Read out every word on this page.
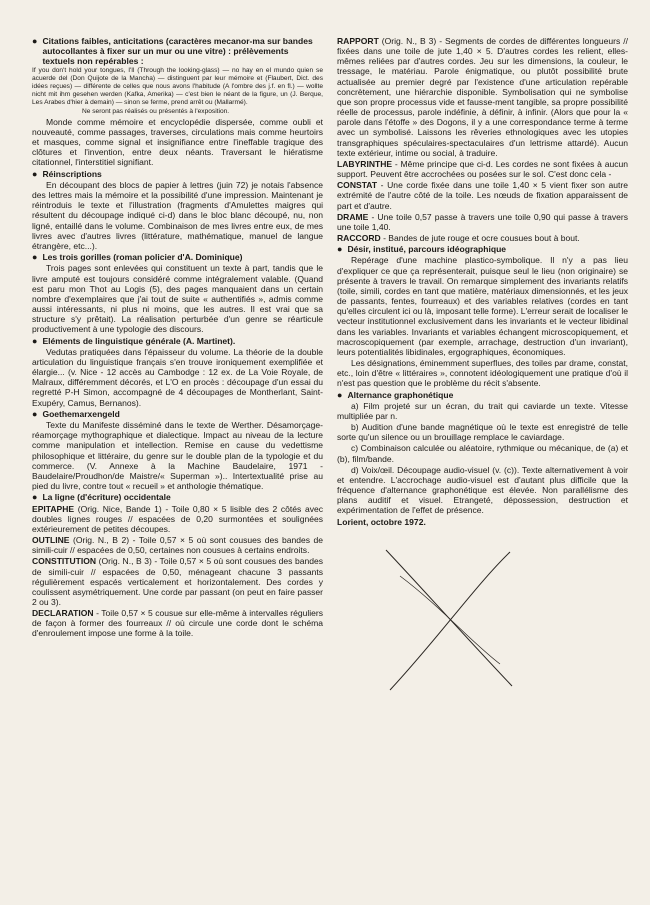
● Citations faibles, anticitations (caractères mecanor-ma sur bandes autocollantes à fixer sur un mur ou une vitre) : prélèvements textuels non repérables :

If you don't hold your tongues, I'll (Through the looking-glass) — no hay en el mundo quien se acuerde del (Don Quijote de la Mancha) — distinguent par leur mémoire et (Flaubert, Dict. des idées reçues) — différente de celles que nous avons l'habitude (A l'ombre des j.f. en fl.) — wollte nicht mit ihm gesehen werden (Kafka, Amerika) — c'est bien le néant de la figure, un (J. Berque, Les Arabes d'hier à demain) — sinon se ferme, prend arrêt ou (Mallarmé).

Ne seront pas réalisés ou présentés à l'exposition.

Monde comme mémoire et encyclopédie dispersée, comme oubli et nouveauté, comme passages, traverses, circulations mais comme heurtoirs et masques, comme signal et insignifiance entre l'ineffable tragique des clôtures et l'invention, entre deux néants. Traversant le hiératisme citationnel, l'interstitiel signifiant.

● Réinscriptions

En découpant des blocs de papier à lettres (juin 72) je notais l'absence des lettres mais la mémoire et la possibilité d'une impression. Maintenant je réintroduis le texte et l'illustration (fragments d'Amulettes maigres qui résultent du découpage indiqué ci-d) dans le bloc blanc découpé, nu, non ligné, entaillé dans le volume. Combinaison de mes livres entre eux, de mes livres avec d'autres livres (littérature, mathématique, manuel de langue étrangère, etc...).

● Les trois gorilles (roman policier d'A. Dominique)

Trois pages sont enlevées qui constituent un texte à part, tandis que le livre amputé est toujours considéré comme intégralement valable. (Quand est paru mon Thot au Logis (5), des pages manquaient dans un certain nombre d'exemplaires que j'ai tout de suite « authentifiés », admis comme aussi intéressants, ni plus ni moins, que les autres. Il est vrai que sa structure s'y prêtait). La réalisation perturbée d'un genre se réarticule productivement à une typologie des discours.

● Eléments de linguistique générale (A. Martinet).

Vedutas pratiquées dans l'épaisseur du volume. La théorie de la double articulation du linguistique français s'en trouve ironiquement exemplifiée et élargie... (v. Nice - 12 accès au Cambodge : 12 ex. de La Voie Royale, de Malraux, différemment décorés, et L'O en procès : découpage d'un essai du regretté P-H Simon, accompagné de 4 découpages de Montherlant, Saint-Exupéry, Camus, Bernanos).

● Goethemarxengeld

Texte du Manifeste disséminé dans le texte de Werther. Désamorçage-réamorçage mythographique et dialectique. Impact au niveau de la lecture comme manipulation et intellection. Remise en cause du vedettisme philosophique et littéraire, du genre sur le double plan de la typologie et du commerce. (V. Annexe à la Machine Baudelaire, 1971 - Baudelaire/Proudhon/de Maistre/« Superman »).. Intertextualité prise au pied du livre, contre tout « recueil » et anthologie thématique.

● La ligne (d'écriture) occidentale

EPITAPHE (Orig. Nice, Bande 1) - Toile 0,80 × 5 lisible des 2 côtés avec doubles lignes rouges // espacées de 0,20 surmontées et soulignées extérieurement de petites découpes.

OUTLINE (Orig. N., B 2) - Toile 0,57 × 5 où sont cousues des bandes de simili-cuir // espacées de 0,50, certaines non cousues à certains endroits.

CONSTITUTION (Orig. N., B 3) - Toile 0,57 × 5 où sont cousues des bandes de simili-cuir // espacées de 0,50, ménageant chacune 3 passants régulièrement espacés verticalement et horizontalement. Des cordes y coulissent asymétriquement. Une corde par passant (on peut en faire passer 2 ou 3).

DECLARATION - Toile 0,57 × 5 cousue sur elle-même à intervalles réguliers de façon à former des fourreaux // où circule une corde dont le schéma d'enroulement impose une forme à la toile.

RAPPORT (Orig. N., B 3) - Segments de cordes de différentes longueurs // fixées dans une toile de jute 1,40 × 5. D'autres cordes les relient, elles-mêmes reliées par d'autres cordes. Jeu sur les dimensions, la couleur, le tressage, le matériau. Parole énigmatique, ou plutôt possibilité brute actualisée au premier degré par l'existence d'une articulation repérable concrètement, une hiérarchie disponible. Symbolisation qui ne symbolise que son propre processus vide et fausse-ment tangible, sa propre possibilité réelle de processus, parole indéfinie, à définir, à infinir. (Alors que pour la « parole dans l'étoffe » des Dogons, il y a une correspondance terme à terme avec un symbolisé. Laissons les rêveries ethnologiques avec les utopies transgraphiques spéculaires-spectaculaires d'un lettrisme attardé). Aucun texte extérieur, intime ou social, à traduire.

LABYRINTHE - Même principe que ci-d. Les cordes ne sont fixées à aucun support. Peuvent être accrochées ou posées sur le sol. C'est donc cela -

CONSTAT - Une corde fixée dans une toile 1,40 × 5 vient fixer son autre extrémité de l'autre côté de la toile. Les nœuds de fixation apparaissent de part et d'autre.

DRAME - Une toile 0,57 passe à travers une toile 0,90 qui passe à travers une toile 1,40.

RACCORD - Bandes de jute rouge et ocre cousues bout à bout.

● Désir, institué, parcours idéographique

Repérage d'une machine plastico-symbolique. Il n'y a pas lieu d'expliquer ce que ça représenterait, puisque seul le lieu (non originaire) se présente à travers le travail. On remarque simplement des invariants relatifs (toile, simili, cordes en tant que matière, matériaux dimensionnés, et les jeux de passants, fentes, fourreaux) et des variables relatives (cordes en tant qu'elles circulent ici ou là, imposant telle forme). L'erreur serait de localiser le vecteur institutionnel exclusivement dans les invariants et le vecteur libidinal dans les variables. Invariants et variables échangent microscopiquement, et macroscopiquement (par exemple, arrachage, destruction d'un invariant), leurs potentialités libidinales, ergographiques, économiques.

Les désignations, éminemment superflues, des toiles par drame, constat, etc., loin d'être « littéraires », connotent idéologiquement une pratique d'où il n'est pas question que le problème du récit s'absente.

● Alternance graphonétique

a) Film projeté sur un écran, du trait qui caviarde un texte. Vitesse multipliée par n.

b) Audition d'une bande magnétique où le texte est enregistré de telle sorte qu'un silence ou un brouillage remplace le caviardage.

c) Combinaison calculée ou aléatoire, rythmique ou mécanique, de (a) et (b), film/bande.

d) Voix/œil. Découpage audio-visuel (v. (c)). Texte alternativement à voir et entendre. L'accrochage audio-visuel est d'autant plus difficile que la fréquence d'alternance graphonétique est élevée. Non parallélisme des plans auditif et visuel. Etrangeté, dépossession, destruction et expérimentation de l'effet de présence.

Lorient, octobre 1972.
